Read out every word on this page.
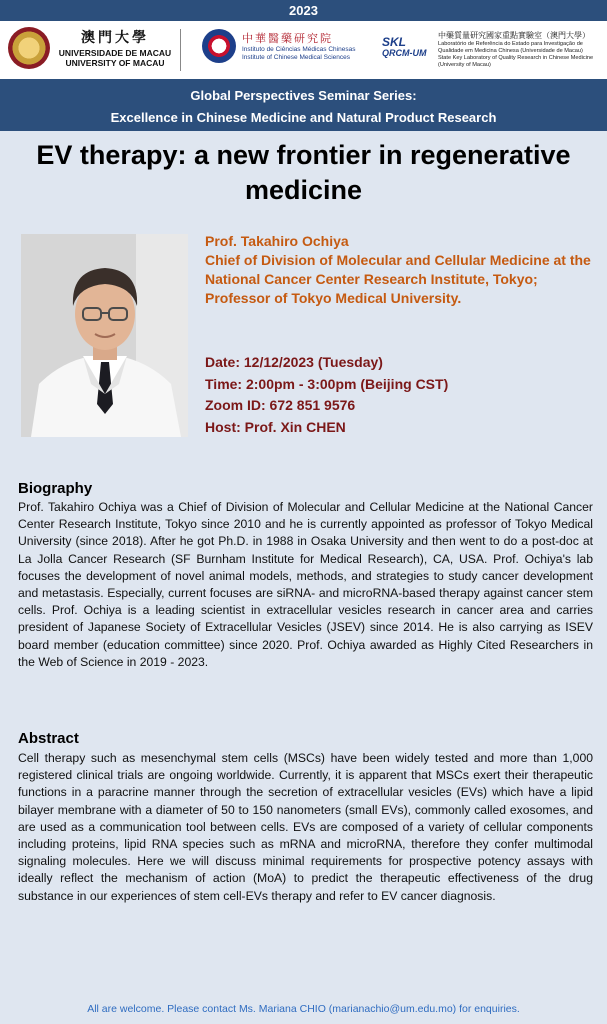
2023
澳門大學
UNIVERSIDADE DE MACAU
UNIVERSITY OF MACAU
中華醫藥研究院
Instituto de Ciências Médicas Chinesas
Institute of Chinese Medical Sciences
SKL
QRCM-UM
中藥質量研究國家重點實驗室（澳門大學）
Laboratório de Referência do Estado para Investigação de Qualidade em Medicina Chinesa (Universidade de Macau)
State Key Laboratory of Quality Research in Chinese Medicine (University of Macau)
Global Perspectives Seminar Series:
Excellence in Chinese Medicine and Natural Product Research
EV therapy: a new frontier in regenerative medicine
Prof. Takahiro Ochiya
Chief of Division of Molecular and Cellular Medicine at the National Cancer Center Research Institute, Tokyo;
Professor of Tokyo Medical University.
Date: 12/12/2023 (Tuesday)
Time: 2:00pm - 3:00pm (Beijing CST)
Zoom ID: 672 851 9576
Host: Prof. Xin CHEN
Biography
Prof. Takahiro Ochiya was a Chief of Division of Molecular and Cellular Medicine at the National Cancer Center Research Institute, Tokyo since 2010 and he is currently appointed as professor of Tokyo Medical University (since 2018). After he got Ph.D. in 1988 in Osaka University and then went to do a post-doc at La Jolla Cancer Research (SF Burnham Institute for Medical Research), CA, USA. Prof. Ochiya's lab focuses the development of novel animal models, methods, and strategies to study cancer development and metastasis. Especially, current focuses are siRNA- and microRNA-based therapy against cancer stem cells. Prof. Ochiya is a leading scientist in extracellular vesicles research in cancer area and carries president of Japanese Society of Extracellular Vesicles (JSEV) since 2014. He is also carrying as ISEV board member (education committee) since 2020. Prof. Ochiya awarded as Highly Cited Researchers in the Web of Science in 2019 - 2023.
Abstract
Cell therapy such as mesenchymal stem cells (MSCs) have been widely tested and more than 1,000 registered clinical trials are ongoing worldwide. Currently, it is apparent that MSCs exert their therapeutic functions in a paracrine manner through the secretion of extracellular vesicles (EVs) which have a lipid bilayer membrane with a diameter of 50 to 150 nanometers (small EVs), commonly called exosomes, and are used as a communication tool between cells. EVs are composed of a variety of cellular components including proteins, lipid RNA species such as mRNA and microRNA, therefore they confer multimodal signaling molecules. Here we will discuss minimal requirements for prospective potency assays with ideally reflect the mechanism of action (MoA) to predict the therapeutic effectiveness of the drug substance in our experiences of stem cell-EVs therapy and refer to EV cancer diagnosis.
All are welcome. Please contact Ms. Mariana CHIO (marianachio@um.edu.mo) for enquiries.
